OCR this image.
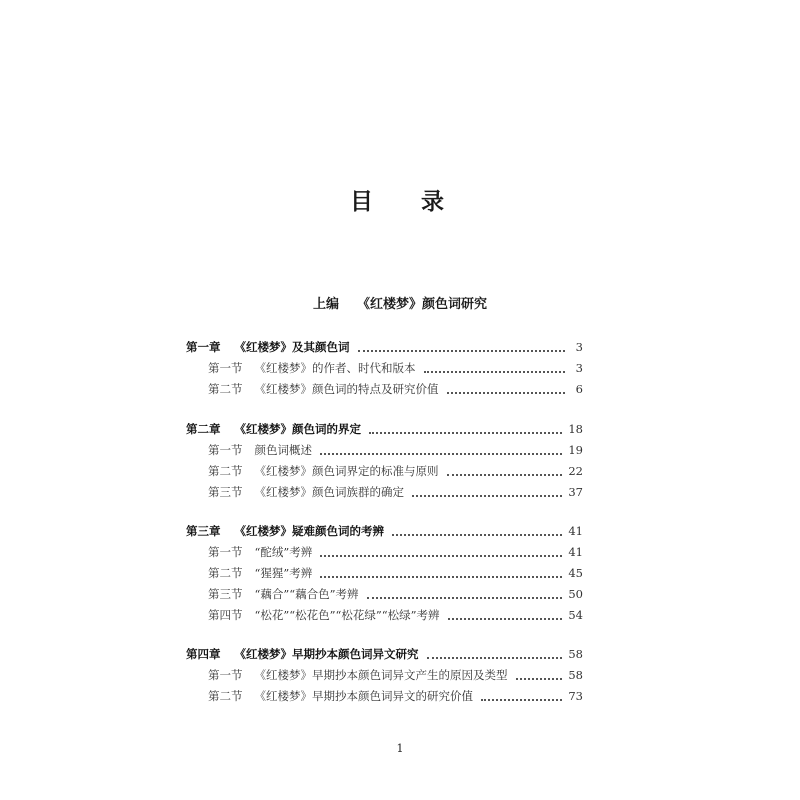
目 录
上编 《红楼梦》颜色词研究
第一章 《红楼梦》及其颜色词	3
第一节 《红楼梦》的作者、时代和版本	3
第二节 《红楼梦》颜色词的特点及研究价值	6
第二章 《红楼梦》颜色词的界定	18
第一节 颜色词概述	19
第二节 《红楼梦》颜色词界定的标准与原则	22
第三节 《红楼梦》颜色词族群的确定	37
第三章 《红楼梦》疑难颜色词的考辨	41
第一节 “酡绒”考辨	41
第二节 “猩猩”考辨	45
第三节 “藕合”“藕合色”考辨	50
第四节 “松花”“松花色”“松花绿”“松绿”考辨	54
第四章 《红楼梦》早期抄本颜色词异文研究	58
第一节 《红楼梦》早期抄本颜色词异文产生的原因及类型	58
第二节 《红楼梦》早期抄本颜色词异文的研究价值	73
1
